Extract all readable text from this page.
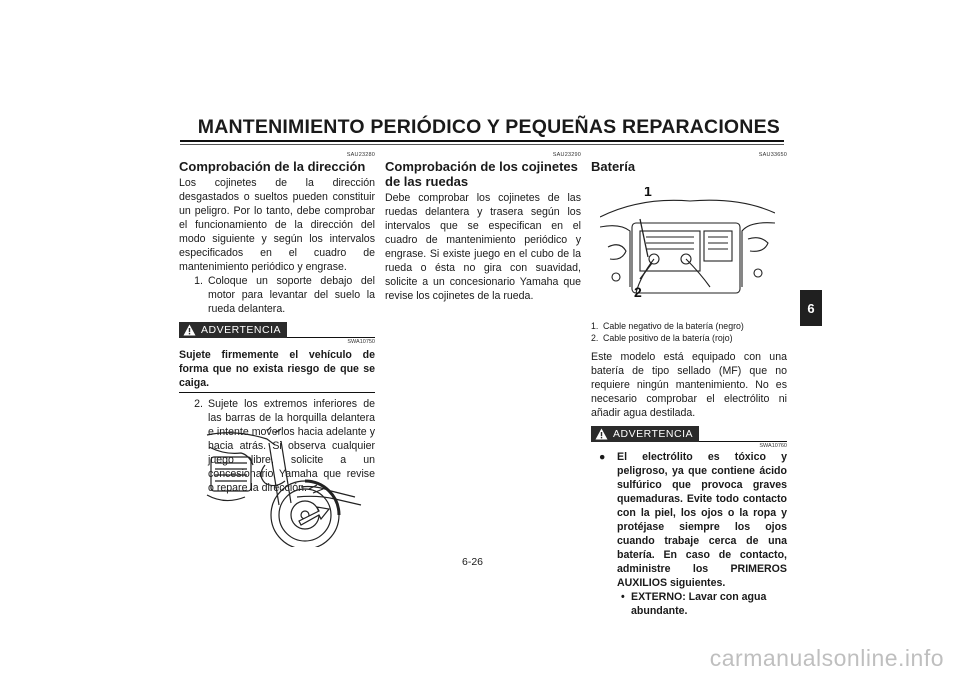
MANTENIMIENTO PERIÓDICO Y PEQUEÑAS REPARACIONES
SAU23280
Comprobación de la dirección

Los cojinetes de la dirección desgastados o sueltos pueden constituir un peligro. Por lo tanto, debe comprobar el funcionamiento de la dirección del modo siguiente y según los intervalos especificados en el cuadro de mantenimiento periódico y engrase.

1. Coloque un soporte debajo del motor para levantar del suelo la rueda delantera.
ADVERTENCIA
SWA10750
Sujete firmemente el vehículo de forma que no exista riesgo de que se caiga.
2. Sujete los extremos inferiores de las barras de la horquilla delantera e intente moverlos hacia adelante y hacia atrás. Si observa cualquier juego libre, solicite a un concesionario Yamaha que revise o repare la dirección.
SAU23290
Comprobación de los cojinetes de las ruedas

Debe comprobar los cojinetes de las ruedas delantera y trasera según los intervalos que se especifican en el cuadro de mantenimiento periódico y engrase. Si existe juego en el cubo de la rueda o ésta no gira con suavidad, solicite a un concesionario Yamaha que revise los cojinetes de la rueda.

SAU33650
Batería
1. Cable negativo de la batería (negro)
2. Cable positivo de la batería (rojo)

Este modelo está equipado con una batería de tipo sellado (MF) que no requiere ningún mantenimiento. No es necesario comprobar el electrólito ni añadir agua destilada.

ADVERTENCIA
SWA10760
●	El electrólito es tóxico y peligroso, ya que contiene ácido sulfúrico que provoca graves quemaduras. Evite todo contacto con la piel, los ojos o la ropa y protéjase siempre los ojos cuando trabaje cerca de una batería. En caso de contacto, administre los PRIMEROS AUXILIOS siguientes.
• EXTERNO: Lavar con agua abundante.
1
2
6-26
6
carmanualsonline.info
